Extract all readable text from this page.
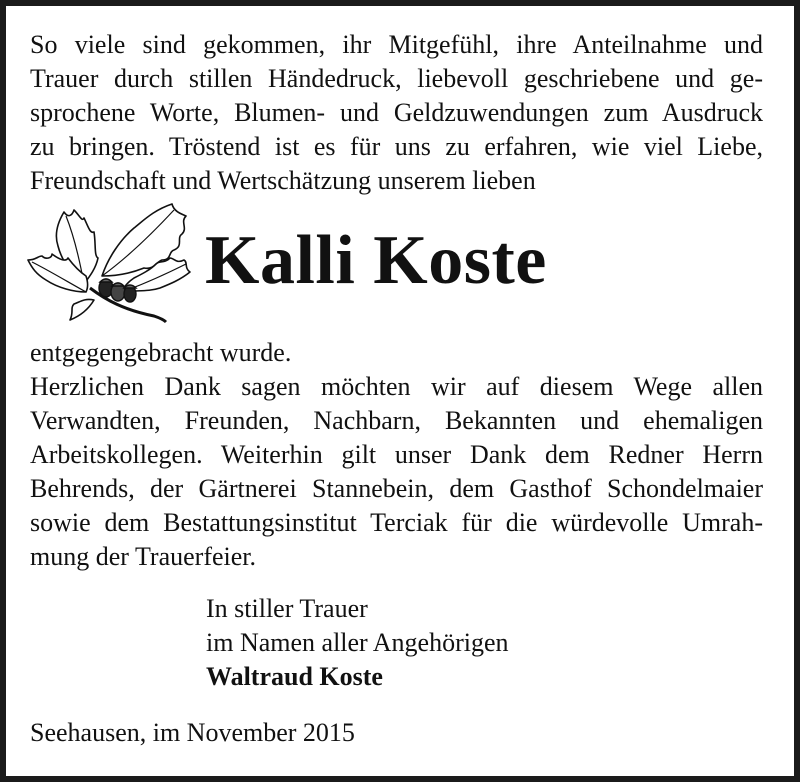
So viele sind gekommen, ihr Mitgefühl, ihre Anteilnahme und
Trauer durch stillen Händedruck, liebevoll geschriebene und ge-
sprochene Worte, Blumen- und Geldzuwendungen zum Ausdruck
zu bringen. Tröstend ist es für uns zu erfahren, wie viel Liebe,
Freundschaft und Wertschätzung unserem lieben
Kalli Koste
entgegengebracht wurde.
Herzlichen Dank sagen möchten wir auf diesem Wege allen
Verwandten, Freunden, Nachbarn, Bekannten und ehemaligen
Arbeitskollegen. Weiterhin gilt unser Dank dem Redner Herrn
Behrends, der Gärtnerei Stannebein, dem Gasthof Schondelmaier
sowie dem Bestattungsinstitut Terciak für die würdevolle Umrah-
mung der Trauerfeier.
In stiller Trauer
im Namen aller Angehörigen
Waltraud Koste
Seehausen, im November 2015
